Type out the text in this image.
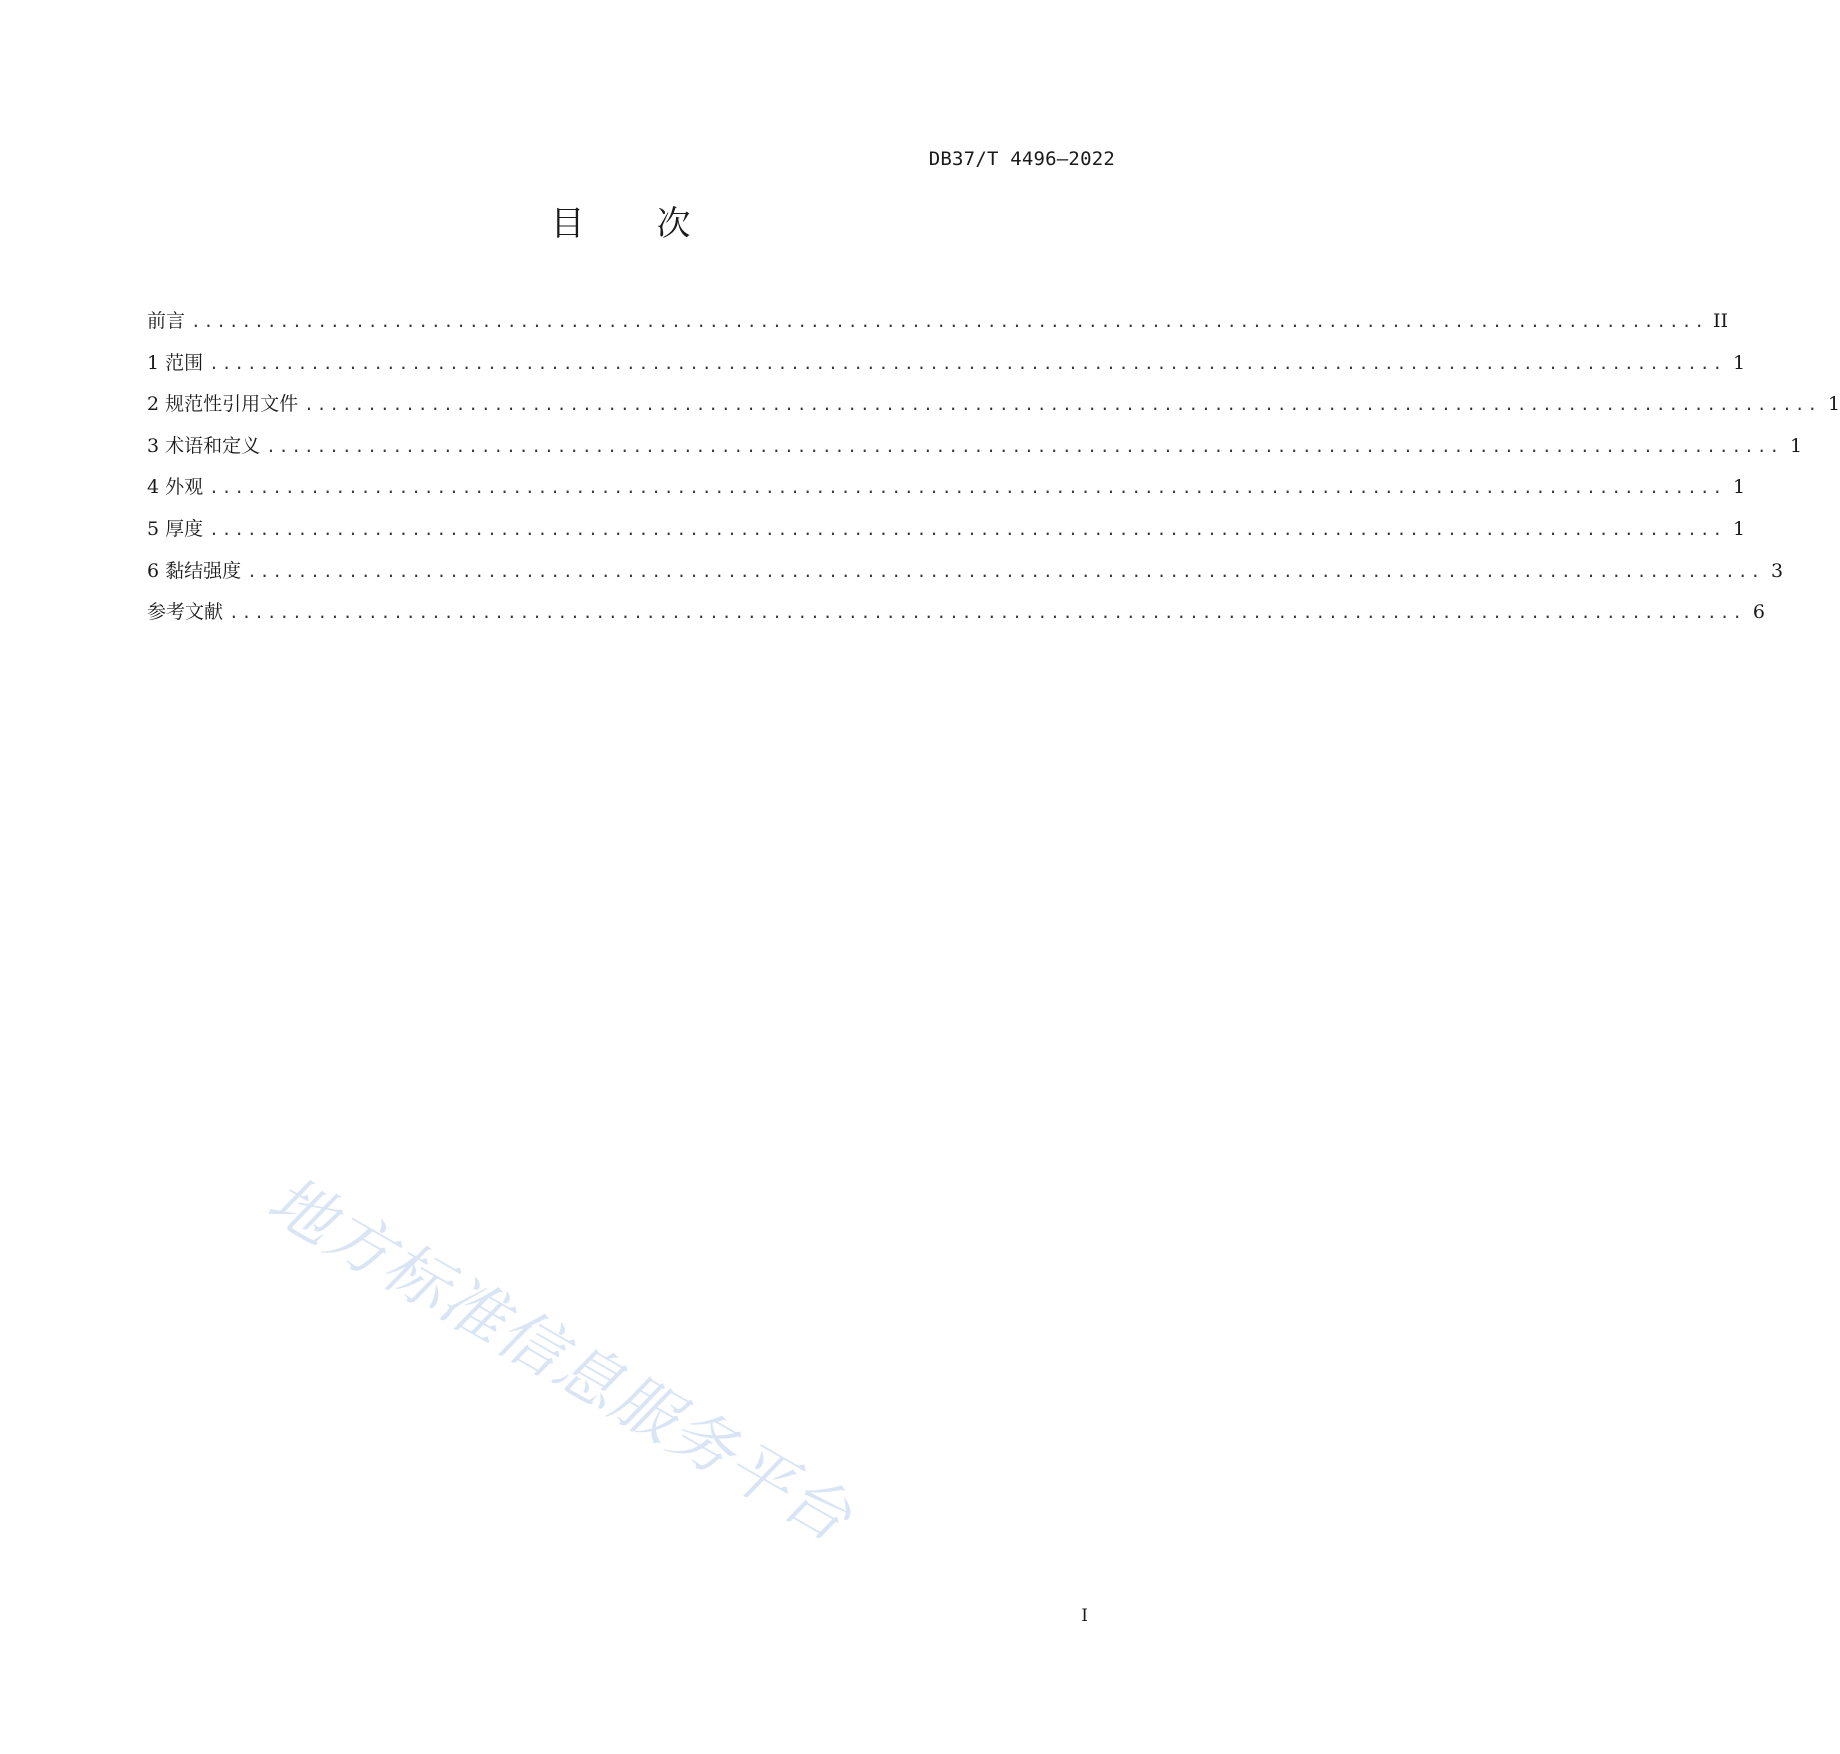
DB37/T 4496—2022
目 次
前言 ........................................................................................................................ II
1 范围 ........................................................................................................................ 1
2 规范性引用文件 ........................................................................................................................ 1
3 术语和定义 ........................................................................................................................ 1
4 外观 ........................................................................................................................ 1
5 厚度 ........................................................................................................................ 1
6 黏结强度 ........................................................................................................................ 3
参考文献 ........................................................................................................................ 6
地方标准信息服务平台
I
